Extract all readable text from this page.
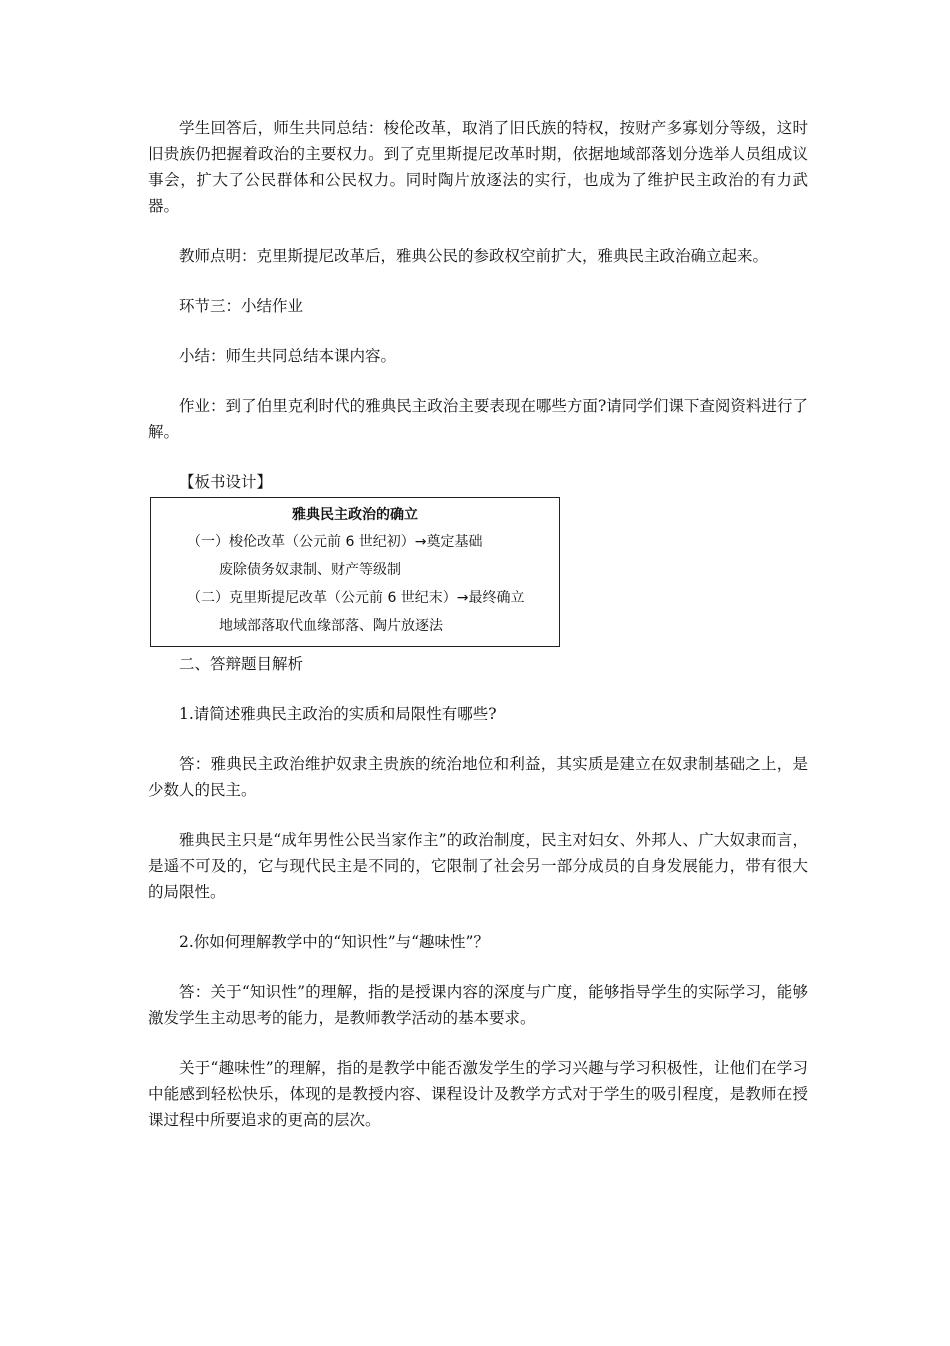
学生回答后，师生共同总结：梭伦改革，取消了旧氏族的特权，按财产多寡划分等级，这时旧贵族仍把握着政治的主要权力。到了克里斯提尼改革时期，依据地域部落划分选举人员组成议事会，扩大了公民群体和公民权力。同时陶片放逐法的实行，也成为了维护民主政治的有力武器。

教师点明：克里斯提尼改革后，雅典公民的参政权空前扩大，雅典民主政治确立起来。

环节三：小结作业

小结：师生共同总结本课内容。

作业：到了伯里克利时代的雅典民主政治主要表现在哪些方面?请同学们课下查阅资料进行了解。

【板书设计】

雅典民主政治的确立
（一）梭伦改革（公元前 6 世纪初）→奠定基础
废除债务奴隶制、财产等级制
（二）克里斯提尼改革（公元前 6 世纪末）→最终确立
地域部落取代血缘部落、陶片放逐法

二、答辩题目解析

1.请简述雅典民主政治的实质和局限性有哪些?

答：雅典民主政治维护奴隶主贵族的统治地位和利益，其实质是建立在奴隶制基础之上，是少数人的民主。

雅典民主只是“成年男性公民当家作主”的政治制度，民主对妇女、外邦人、广大奴隶而言，是遥不可及的，它与现代民主是不同的，它限制了社会另一部分成员的自身发展能力，带有很大的局限性。

2.你如何理解教学中的“知识性”与“趣味性”？

答：关于“知识性”的理解，指的是授课内容的深度与广度，能够指导学生的实际学习，能够激发学生主动思考的能力，是教师教学活动的基本要求。

关于“趣味性”的理解，指的是教学中能否激发学生的学习兴趣与学习积极性，让他们在学习中能感到轻松快乐，体现的是教授内容、课程设计及教学方式对于学生的吸引程度，是教师在授课过程中所要追求的更高的层次。
